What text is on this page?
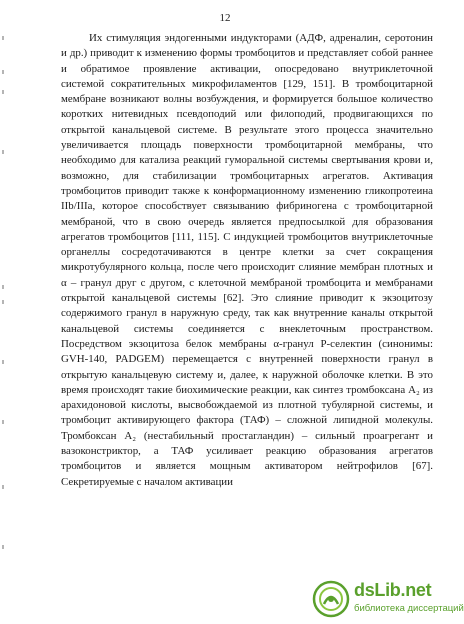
12
Их стимуляция эндогенными индукторами (АДФ, адреналин, серотонин
и др.) приводит к изменению формы тромбоцитов и представляет собой раннее
и обратимое проявление активации, опосредовано внутриклеточной
системой сократительных микрофиламентов [129, 151]. В тромбоцитарной
мембране возникают волны возбуждения, и формируется большое количество
коротких нитевидных псевдоподий или филоподий, продвигающихся по
открытой канальцевой системе. В результате этого процесса значительно
увеличивается площадь поверхности тромбоцитарной мембраны, что
необходимо для катализа реакций гуморальной системы свертывания крови и,
возможно, для стабилизации тромбоцитарных агрегатов. Активация
тромбоцитов приводит также к конформационному изменению гликопротеина
IIb/IIIa, которое способствует связыванию фибриногена с тромбоцитарной
мембраной, что в свою очередь является предпосылкой для образования
агрегатов тромбоцитов [111, 115]. С индукцией тромбоцитов внутриклеточные
органеллы сосредотачиваются в центре клетки за счет сокращения
микротубулярного кольца, после чего происходит слияние мембран плотных и
α – гранул друг с другом, с клеточной мембраной тромбоцита и мембранами
открытой канальцевой системы [62]. Это слияние приводит к экзоцитозу
содержимого гранул в наружную среду, так как внутренние каналы открытой
канальцевой системы соединяется с внеклеточным пространством.
Посредством экзоцитоза белок мембраны α-гранул P-селектин (синонимы:
GVH-140, PADGEM) перемещается с внутренней поверхности гранул в
открытую канальцевую систему и, далее, к наружной оболочке клетки. В это
время происходят такие биохимические реакции, как синтез тромбоксана A₂ из
арахидоновой кислоты, высвобождаемой из плотной тубулярной системы, и
тромбоцит активирующего фактора (ТАФ) – сложной липидной молекулы.
Тромбоксан A₂ (нестабильный простагландин) – сильный проагрегант и
вазоконстриктор, а ТАФ усиливает реакцию образования агрегатов
тромбоцитов и является мощным активатором нейтрофилов [67].
Секретируемые с началом активации
dsLib.net
библиотека диссертаций
